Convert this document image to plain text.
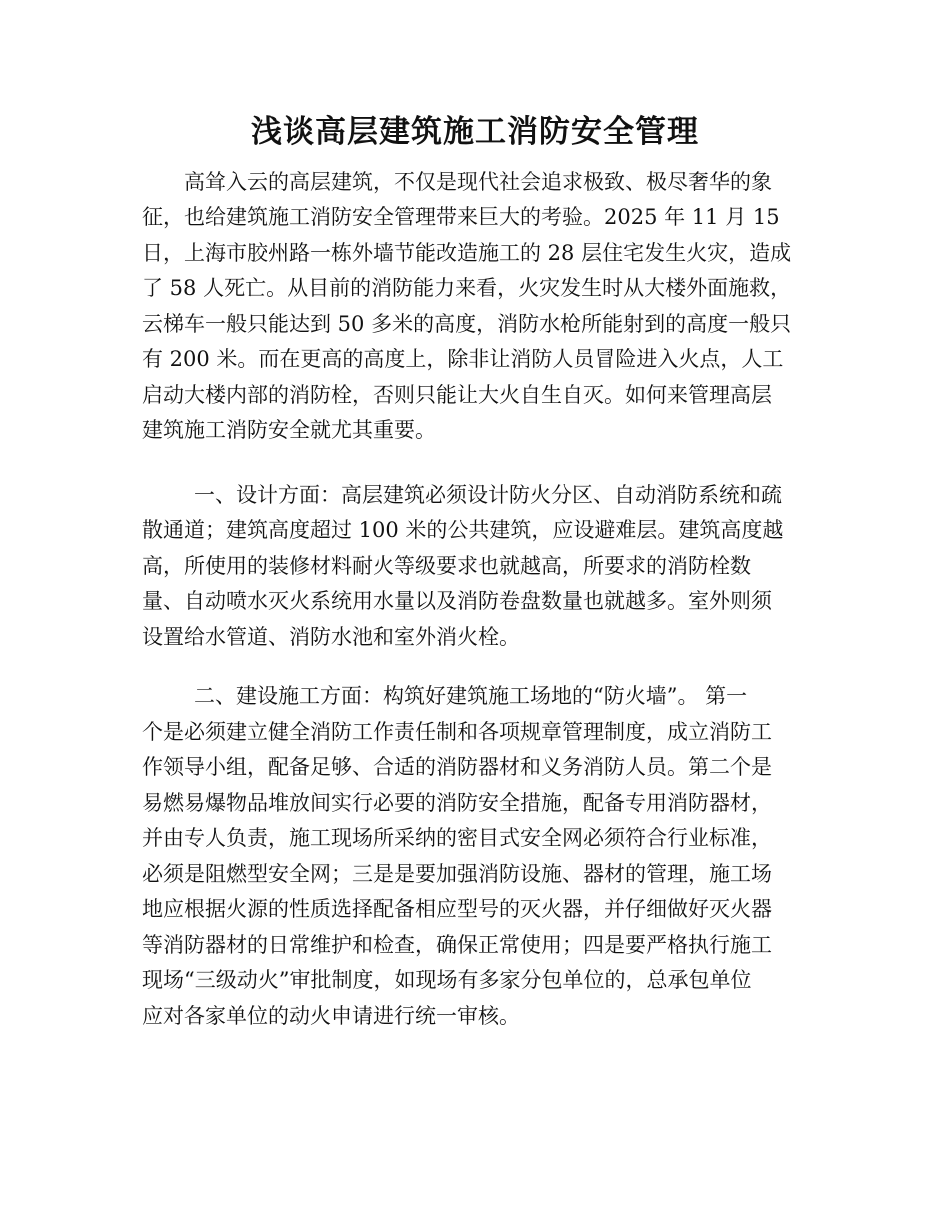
浅谈高层建筑施工消防安全管理

高耸入云的高层建筑，不仅是现代社会追求极致、极尽奢华的象

征，也给建筑施工消防安全管理带来巨大的考验。2025 年 11 月 15

日，上海市胶州路一栋外墙节能改造施工的 28 层住宅发生火灾，造成

了 58 人死亡。从目前的消防能力来看，火灾发生时从大楼外面施救，

云梯车一般只能达到 50 多米的高度，消防水枪所能射到的高度一般只

有 200 米。而在更高的高度上，除非让消防人员冒险进入火点，人工

启动大楼内部的消防栓，否则只能让大火自生自灭。如何来管理高层

建筑施工消防安全就尤其重要。

一、设计方面：高层建筑必须设计防火分区、自动消防系统和疏

散通道；建筑高度超过 100 米的公共建筑，应设避难层。建筑高度越

高，所使用的装修材料耐火等级要求也就越高，所要求的消防栓数

量、自动喷水灭火系统用水量以及消防卷盘数量也就越多。室外则须

设置给水管道、消防水池和室外消火栓。

二、建设施工方面：构筑好建筑施工场地的“防火墙”。 第一

个是必须建立健全消防工作责任制和各项规章管理制度，成立消防工

作领导小组，配备足够、合适的消防器材和义务消防人员。第二个是

易燃易爆物品堆放间实行必要的消防安全措施，配备专用消防器材，

并由专人负责，施工现场所采纳的密目式安全网必须符合行业标准，

必须是阻燃型安全网；三是是要加强消防设施、器材的管理，施工场

地应根据火源的性质选择配备相应型号的灭火器，并仔细做好灭火器

等消防器材的日常维护和检查，确保正常使用；四是要严格执行施工

现场“三级动火”审批制度，如现场有多家分包单位的，总承包单位

应对各家单位的动火申请进行统一审核。
